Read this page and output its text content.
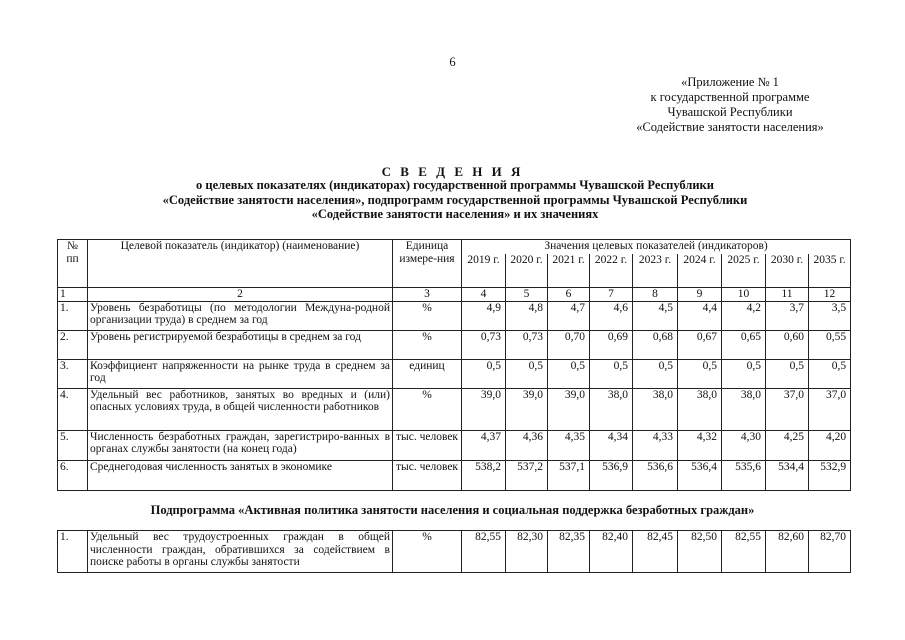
6
«Приложение № 1
к государственной программе
Чувашской Республики
«Содействие занятости населения»
С В Е Д Е Н И Я
о целевых показателях (индикаторах) государственной программы Чувашской Республики
«Содействие занятости населения», подпрограмм государственной программы Чувашской Республики
«Содействие занятости населения» и их значениях
№ пп	Целевой показатель (индикатор) (наименование)	Единица измере-ния	Значения целевых показателей (индикаторов)								
			2019 г.	2020 г.	2021 г.	2022 г.	2023 г.	2024 г.	2025 г.	2030 г.	2035 г.
1	2	3	4	5	6	7	8	9	10	11	12
1.	Уровень безработицы (по методологии Междуна-родной организации труда) в среднем за год	%	4,9	4,8	4,7	4,6	4,5	4,4	4,2	3,7	3,5
2.	Уровень регистрируемой безработицы в среднем за год	%	0,73	0,73	0,70	0,69	0,68	0,67	0,65	0,60	0,55
3.	Коэффициент напряженности на рынке труда в среднем за год	единиц	0,5	0,5	0,5	0,5	0,5	0,5	0,5	0,5	0,5
4.	Удельный вес работников, занятых во вредных и (или) опасных условиях труда, в общей численности работников	%	39,0	39,0	39,0	38,0	38,0	38,0	38,0	37,0	37,0
5.	Численность безработных граждан, зарегистриро-ванных в органах службы занятости (на конец года)	тыс. человек	4,37	4,36	4,35	4,34	4,33	4,32	4,30	4,25	4,20
6.	Среднегодовая численность занятых в экономике	тыс. человек	538,2	537,2	537,1	536,9	536,6	536,4	535,6	534,4	532,9
Подпрограмма «Активная политика занятости населения и социальная поддержка безработных граждан»
1.	Удельный вес трудоустроенных граждан в общей численности граждан, обратившихся за содействием в поиске работы в органы службы занятости	%	82,55	82,30	82,35	82,40	82,45	82,50	82,55	82,60	82,70
